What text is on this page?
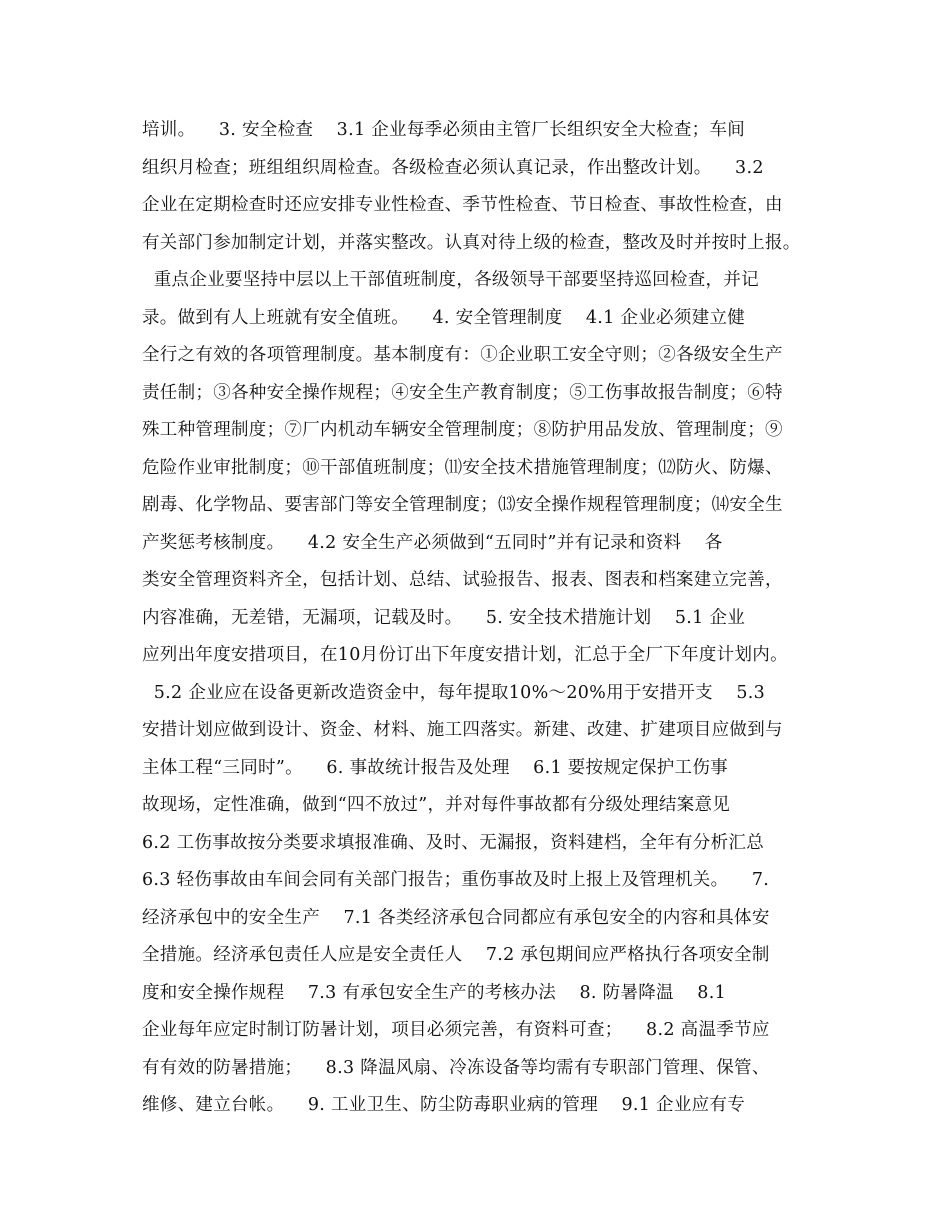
培训。    3. 安全检查    3.1 企业每季必须由主管厂长组织安全大检查；车间
组织月检查；班组组织周检查。各级检查必须认真记录，作出整改计划。    3.2
企业在定期检查时还应安排专业性检查、季节性检查、节日检查、事故性检查，由
有关部门参加制定计划，并落实整改。认真对待上级的检查，整改及时并按时上报。
重点企业要坚持中层以上干部值班制度，各级领导干部要坚持巡回检查，并记
录。做到有人上班就有安全值班。    4. 安全管理制度    4.1 企业必须建立健
全行之有效的各项管理制度。基本制度有：①企业职工安全守则；②各级安全生产
责任制；③各种安全操作规程；④安全生产教育制度；⑤工伤事故报告制度；⑥特
殊工种管理制度；⑦厂内机动车辆安全管理制度；⑧防护用品发放、管理制度；⑨
危险作业审批制度；⑩干部值班制度；⑾安全技术措施管理制度；⑿防火、防爆、
剧毒、化学物品、要害部门等安全管理制度；⒀安全操作规程管理制度；⒁安全生
产奖惩考核制度。    4.2 安全生产必须做到“五同时”并有记录和资料    各
类安全管理资料齐全，包括计划、总结、试验报告、报表、图表和档案建立完善，
内容准确，无差错，无漏项，记载及时。    5. 安全技术措施计划    5.1 企业
应列出年度安措项目，在10月份订出下年度安措计划，汇总于全厂下年度计划内。
5.2 企业应在设备更新改造资金中，每年提取10%～20%用于安措开支    5.3
安措计划应做到设计、资金、材料、施工四落实。新建、改建、扩建项目应做到与
主体工程“三同时”。    6. 事故统计报告及处理    6.1 要按规定保护工伤事
故现场，定性准确，做到“四不放过”，并对每件事故都有分级处理结案意见
6.2 工伤事故按分类要求填报准确、及时、无漏报，资料建档，全年有分析汇总
6.3 轻伤事故由车间会同有关部门报告；重伤事故及时上报上及管理机关。    7.
经济承包中的安全生产    7.1 各类经济承包合同都应有承包安全的内容和具体安
全措施。经济承包责任人应是安全责任人    7.2 承包期间应严格执行各项安全制
度和安全操作规程    7.3 有承包安全生产的考核办法    8. 防暑降温    8.1
企业每年应定时制订防暑计划，项目必须完善，有资料可查；    8.2 高温季节应
有有效的防暑措施；    8.3 降温风扇、冷冻设备等均需有专职部门管理、保管、
维修、建立台帐。    9. 工业卫生、防尘防毒职业病的管理    9.1 企业应有专
